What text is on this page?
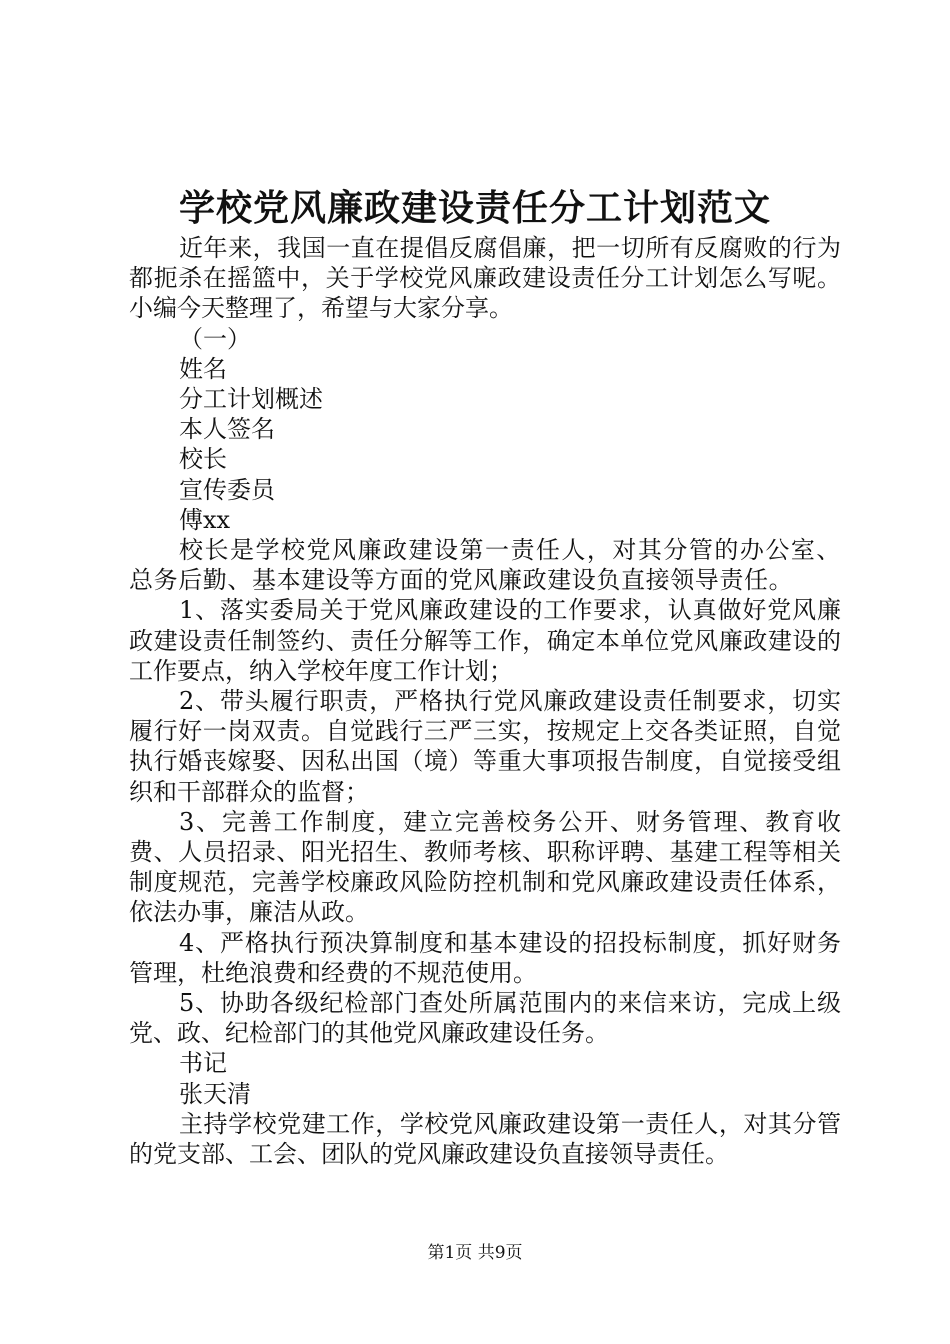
学校党风廉政建设责任分工计划范文

近年来，我国一直在提倡反腐倡廉，把一切所有反腐败的行为都扼杀在摇篮中，关于学校党风廉政建设责任分工计划怎么写呢。小编今天整理了，希望与大家分享。

（一）

姓名

分工计划概述

本人签名

校长

宣传委员

傅xx

校长是学校党风廉政建设第一责任人，对其分管的办公室、总务后勤、基本建设等方面的党风廉政建设负直接领导责任。

1、落实委局关于党风廉政建设的工作要求，认真做好党风廉政建设责任制签约、责任分解等工作，确定本单位党风廉政建设的工作要点，纳入学校年度工作计划；

2、带头履行职责，严格执行党风廉政建设责任制要求，切实履行好一岗双责。自觉践行三严三实，按规定上交各类证照，自觉执行婚丧嫁娶、因私出国（境）等重大事项报告制度，自觉接受组织和干部群众的监督；

3、完善工作制度，建立完善校务公开、财务管理、教育收费、人员招录、阳光招生、教师考核、职称评聘、基建工程等相关制度规范，完善学校廉政风险防控机制和党风廉政建设责任体系，依法办事，廉洁从政。

4、严格执行预决算制度和基本建设的招投标制度，抓好财务管理，杜绝浪费和经费的不规范使用。

5、协助各级纪检部门查处所属范围内的来信来访，完成上级党、政、纪检部门的其他党风廉政建设任务。

书记

张天清

主持学校党建工作，学校党风廉政建设第一责任人，对其分管的党支部、工会、团队的党风廉政建设负直接领导责任。

第1页 共9页
